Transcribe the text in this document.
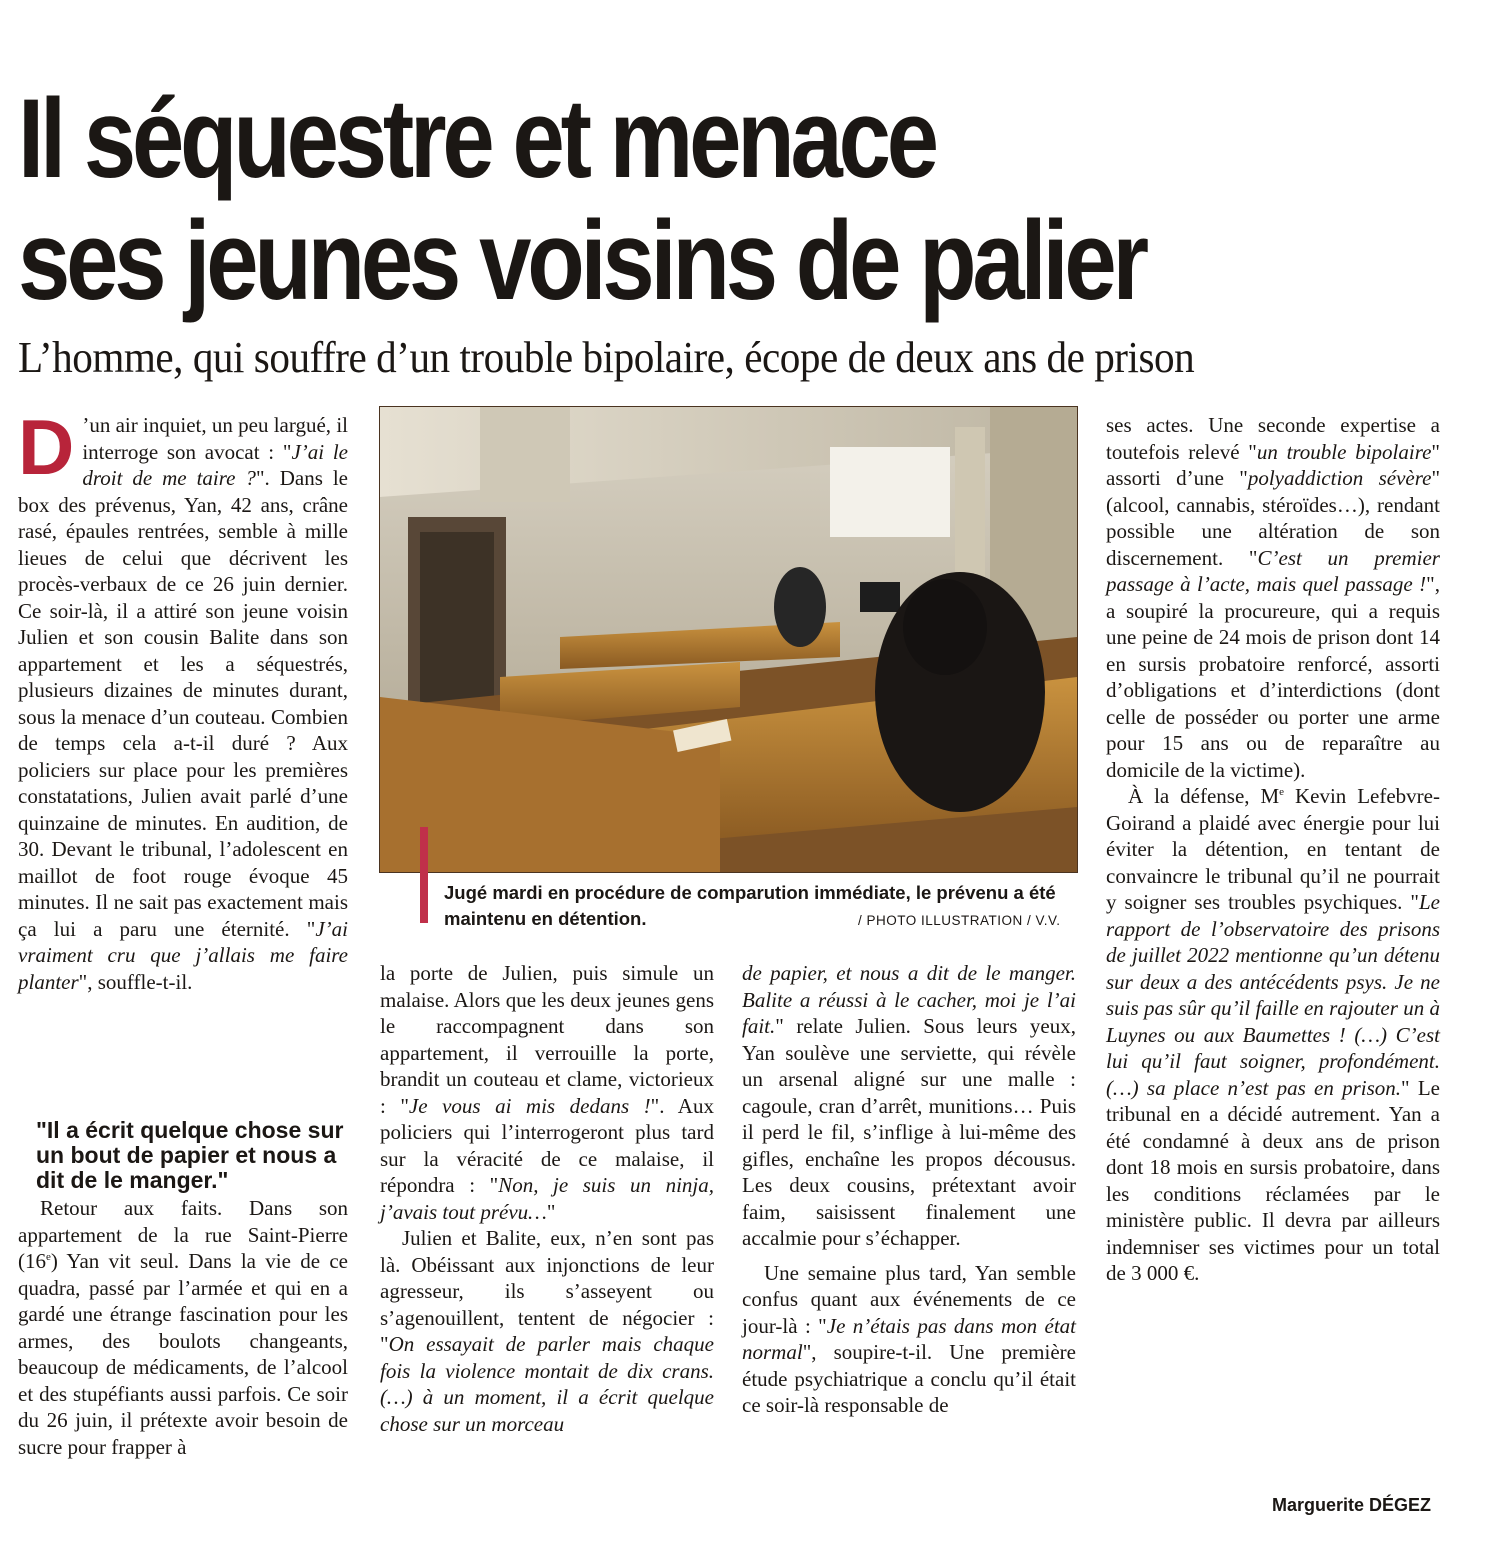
Il séquestre et menace
ses jeunes voisins de palier
L’homme, qui souffre d’un trouble bipolaire, écope de deux ans de prison

D ’un air inquiet, un peu largué, il interroge son avocat : "J’ai le droit de me taire ?". Dans le box des prévenus, Yan, 42 ans, crâne rasé, épaules rentrées, semble à mille lieues de celui que décrivent les procès-verbaux de ce 26 juin dernier. Ce soir-là, il a attiré son jeune voisin Julien et son cousin Balite dans son appartement et les a séquestrés, plusieurs dizaines de minutes durant, sous la menace d’un couteau. Combien de temps cela a-t-il duré ? Aux policiers sur place pour les premières constatations, Julien avait parlé d’une quinzaine de minutes. En audition, de 30. Devant le tribunal, l’adolescent en maillot de foot rouge évoque 45 minutes. Il ne sait pas exactement mais ça lui a paru une éternité. "J’ai vraiment cru que j’allais me faire planter", souffle-t-il.

"Il a écrit quelque chose sur un bout de papier et nous a dit de le manger."

Retour aux faits. Dans son appartement de la rue Saint-Pierre (16e) Yan vit seul. Dans la vie de ce quadra, passé par l’armée et qui en a gardé une étrange fascination pour les armes, des boulots changeants, beaucoup de médicaments, de l’alcool et des stupéfiants aussi parfois. Ce soir du 26 juin, il prétexte avoir besoin de sucre pour frapper à

Jugé mardi en procédure de comparution immédiate, le prévenu a été maintenu en détention.	/ PHOTO ILLUSTRATION / V.V.

la porte de Julien, puis simule un malaise. Alors que les deux jeunes gens le raccompagnent dans son appartement, il verrouille la porte, brandit un couteau et clame, victorieux : "Je vous ai mis dedans !". Aux policiers qui l’interrogeront plus tard sur la véracité de ce malaise, il répondra : "Non, je suis un ninja, j’avais tout prévu…"

Julien et Balite, eux, n’en sont pas là. Obéissant aux injonctions de leur agresseur, ils s’asseyent ou s’agenouillent, tentent de négocier : "On essayait de parler mais chaque fois la violence montait de dix crans. (…) à un moment, il a écrit quelque chose sur un morceau

de papier, et nous a dit de le manger. Balite a réussi à le cacher, moi je l’ai fait." relate Julien. Sous leurs yeux, Yan soulève une serviette, qui révèle un arsenal aligné sur une malle : cagoule, cran d’arrêt, munitions… Puis il perd le fil, s’inflige à lui-même des gifles, enchaîne les propos décousus. Les deux cousins, prétextant avoir faim, saisissent finalement une accalmie pour s’échapper.

Une semaine plus tard, Yan semble confus quant aux événements de ce jour-là : "Je n’étais pas dans mon état normal", soupire-t-il. Une première étude psychiatrique a conclu qu’il était ce soir-là responsable de

ses actes. Une seconde expertise a toutefois relevé "un trouble bipolaire" assorti d’une "polyaddiction sévère" (alcool, cannabis, stéroïdes…), rendant possible une altération de son discernement. "C’est un premier passage à l’acte, mais quel passage !", a soupiré la procureure, qui a requis une peine de 24 mois de prison dont 14 en sursis probatoire renforcé, assorti d’obligations et d’interdictions (dont celle de posséder ou porter une arme pour 15 ans ou de reparaître au domicile de la victime).

À la défense, Me Kevin Lefebvre-Goirand a plaidé avec énergie pour lui éviter la détention, en tentant de convaincre le tribunal qu’il ne pourrait y soigner ses troubles psychiques. "Le rapport de l’observatoire des prisons de juillet 2022 mentionne qu’un détenu sur deux a des antécédents psys. Je ne suis pas sûr qu’il faille en rajouter un à Luynes ou aux Baumettes ! (…) C’est lui qu’il faut soigner, profondément. (…) sa place n’est pas en prison." Le tribunal en a décidé autrement. Yan a été condamné à deux ans de prison dont 18 mois en sursis probatoire, dans les conditions réclamées par le ministère public. Il devra par ailleurs indemniser ses victimes pour un total de 3 000 €.

Marguerite DÉGEZ
